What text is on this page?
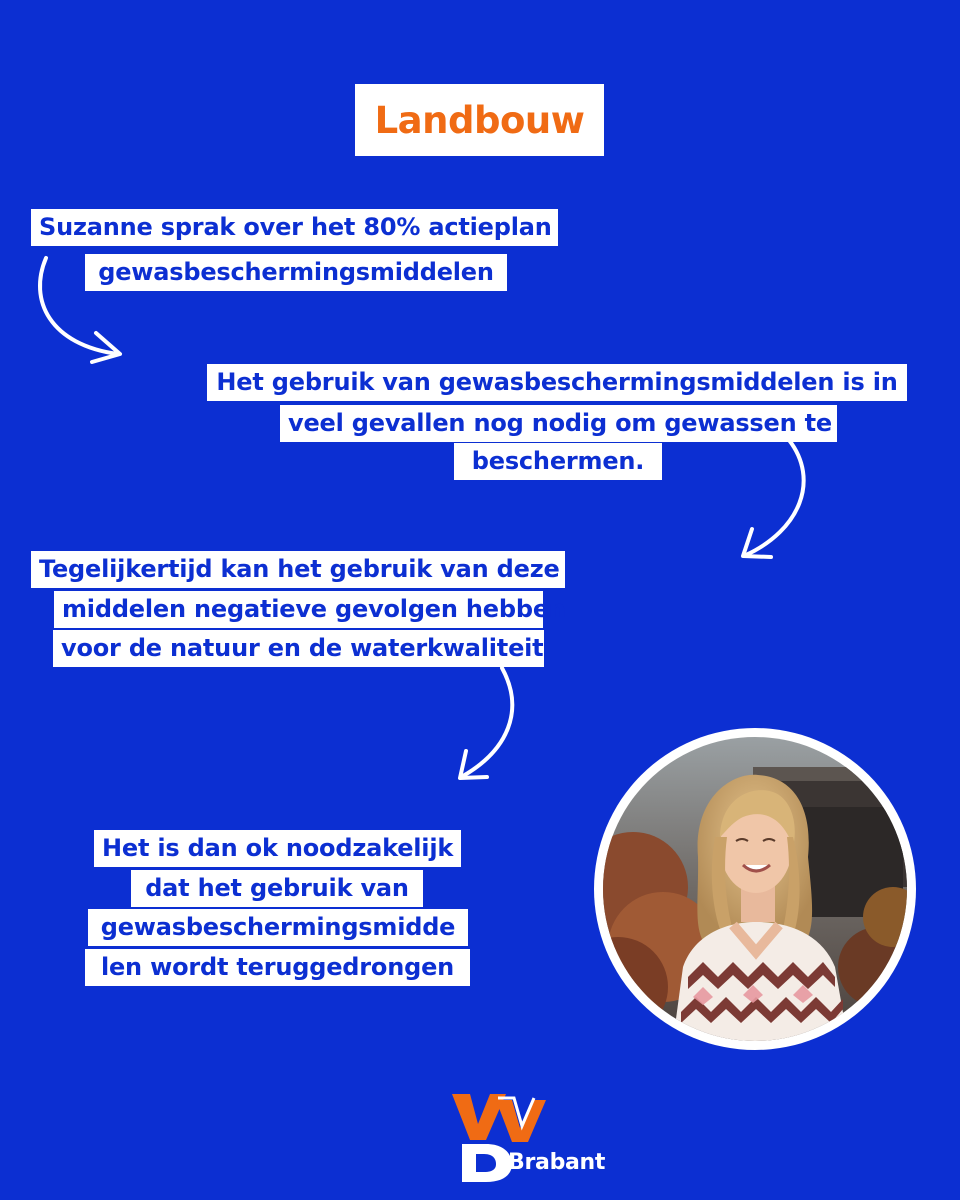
Landbouw
Suzanne sprak over het 80% actieplan
gewasbeschermingsmiddelen
Het gebruik van gewasbeschermingsmiddelen is in
veel gevallen nog nodig om gewassen te
beschermen.
Tegelijkertijd kan het gebruik van deze
middelen negatieve gevolgen hebben
voor de natuur en de waterkwaliteit
Het is dan ok noodzakelijk
dat het gebruik van
gewasbeschermingsmidde
len wordt teruggedrongen
Brabant
